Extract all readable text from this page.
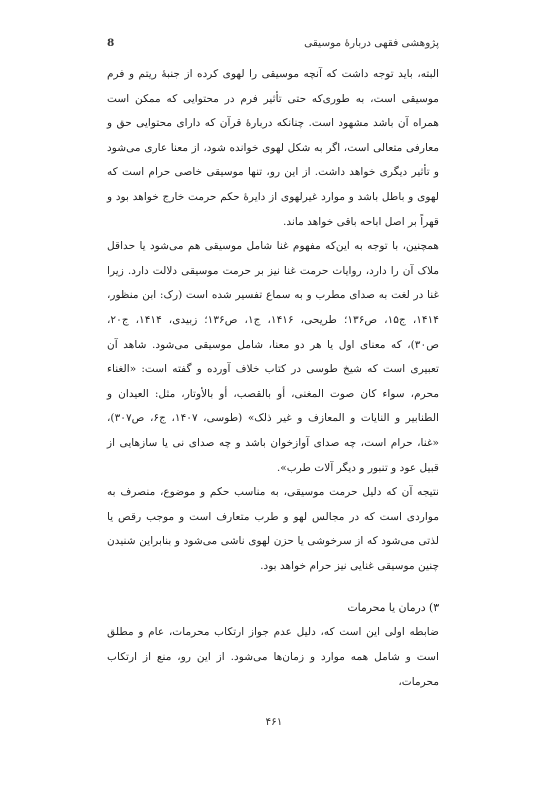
پژوهشی فقهی دربارهٔ موسیقی
8

البته، باید توجه داشت که آنچه موسیقی را لهوی کرده از جنبهٔ ریتم و فرم موسیقی است، به طوری‌که حتی تأثیر فرم در محتوایی که ممکن است همراه آن باشد مشهود است. چنانکه دربارهٔ قرآن که دارای محتوایی حق و معارفی متعالی است، اگر به شکل لهوی خوانده شود، از معنا عاری می‌شود و تأثیر دیگری خواهد داشت. از این رو، تنها موسیقی خاصی حرام است که لهوی و باطل باشد و موارد غیرلهوی از دایرهٔ حکم حرمت خارج خواهد بود و قهراً بر اصل اباحه باقی خواهد ماند.

همچنین، با توجه به این‌که مفهوم غنا شامل موسیقی هم می‌شود یا حداقل ملاک آن را دارد، روایات حرمت غنا نیز بر حرمت موسیقی دلالت دارد. زیرا غنا در لغت به صدای مطرب و به سماع تفسیر شده است (رک: ابن منظور، ۱۴۱۴، ج۱۵، ص۱۳۶؛ طریحی، ۱۴۱۶، ج۱، ص۱۳۶؛ زبیدی، ۱۴۱۴، ج۲۰، ص۳۰)، که معنای اول یا هر دو معنا، شامل موسیقی می‌شود. شاهد آن تعبیری است که شیخ طوسی در کتاب خلاف آورده و گفته است: «الغناء محرم، سواء کان صوت المغنی، أو بالقصب، أو بالأوتار، مثل: العیدان و الطنابیر و النایات و المعازف و غیر ذلک» (طوسی، ۱۴۰۷، ج۶، ص۳۰۷)، «غنا، حرام است، چه صدای آوازخوان باشد و چه صدای نی یا سازهایی از قبیل عود و تنبور و دیگر آلات طرب».

نتیجه آن که دلیل حرمت موسیقی، به مناسب حکم و موضوع، منصرف به مواردی است که در مجالس لهو و طرب متعارف است و موجب رقص یا لذتی می‌شود که از سرخوشی یا حزن لهوی ناشی می‌شود و بنابراین شنیدن چنین موسیقی غنایی نیز حرام خواهد بود.

۳) درمان یا محرمات

ضابطه اولی این است که، دلیل عدم جواز ارتکاب محرمات، عام و مطلق است و شامل همه موارد و زمان‌ها می‌شود. از این رو، منع از ارتکاب محرمات،

۴۶۱
